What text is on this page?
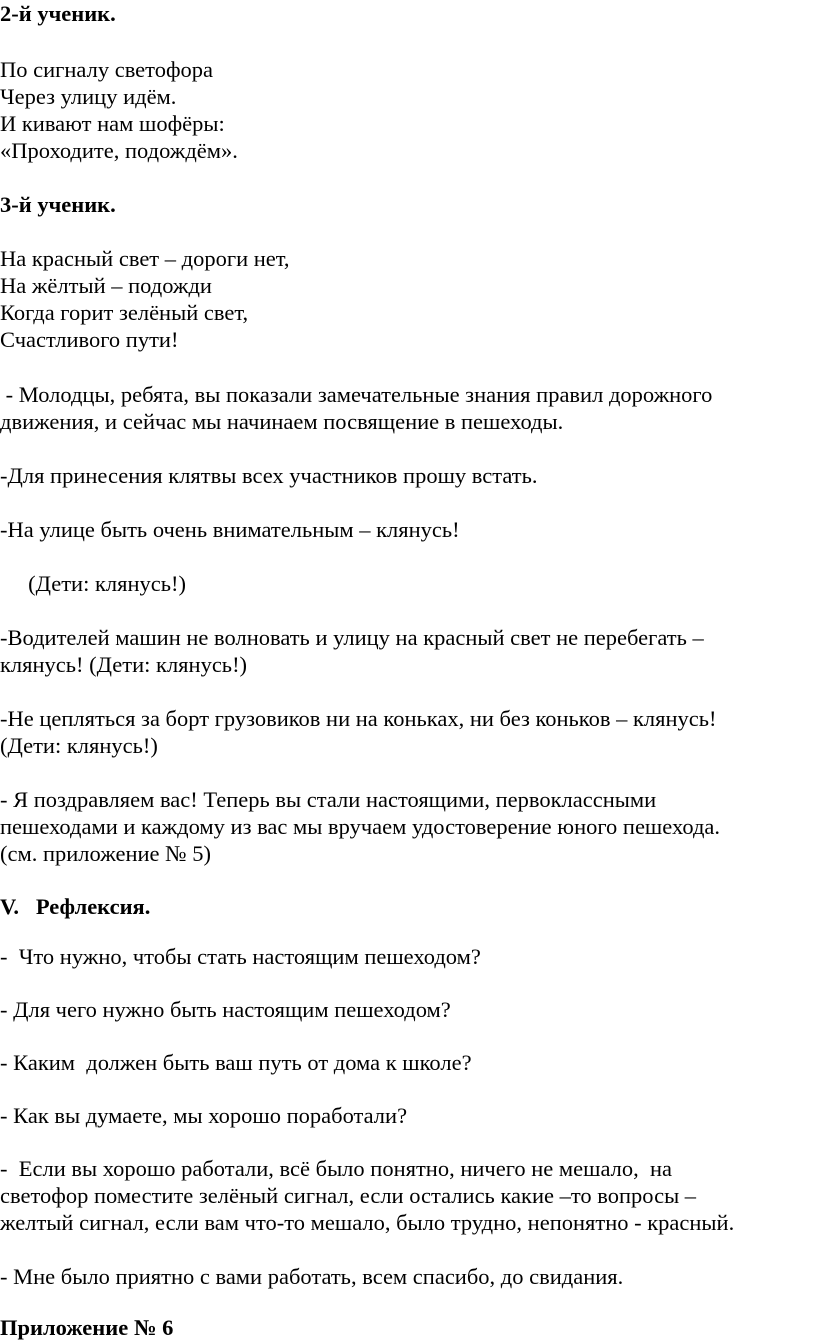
2-й ученик.
По сигналу светофора
Через улицу идём.
И кивают нам шофёры:
«Проходите, подождём».
3-й ученик.
На красный свет – дороги нет,
На жёлтый – подожди
Когда горит зелёный свет,
Счастливого пути!
- Молодцы, ребята, вы показали замечательные знания правил дорожного
движения, и сейчас мы начинаем посвящение в пешеходы.
-Для принесения клятвы всех участников прошу встать.
-На улице быть очень внимательным – клянусь!
(Дети: клянусь!)
-Водителей машин не волновать и улицу на красный свет не перебегать –
клянусь! (Дети: клянусь!)
-Не цепляться за борт грузовиков ни на коньках, ни без коньков – клянусь!
(Дети: клянусь!)
- Я поздравляем вас! Теперь вы стали настоящими, первоклассными
пешеходами и каждому из вас мы вручаем удостоверение юного пешехода.
(см. приложение № 5)
V.   Рефлексия.
-  Что нужно, чтобы стать настоящим пешеходом?
- Для чего нужно быть настоящим пешеходом?
- Каким  должен быть ваш путь от дома к школе?
- Как вы думаете, мы хорошо поработали?
-  Если вы хорошо работали, всё было понятно, ничего не мешало,  на
светофор поместите зелёный сигнал, если остались какие –то вопросы –
желтый сигнал, если вам что-то мешало, было трудно, непонятно - красный.
- Мне было приятно с вами работать, всем спасибо, до свидания.
Приложение № 6
